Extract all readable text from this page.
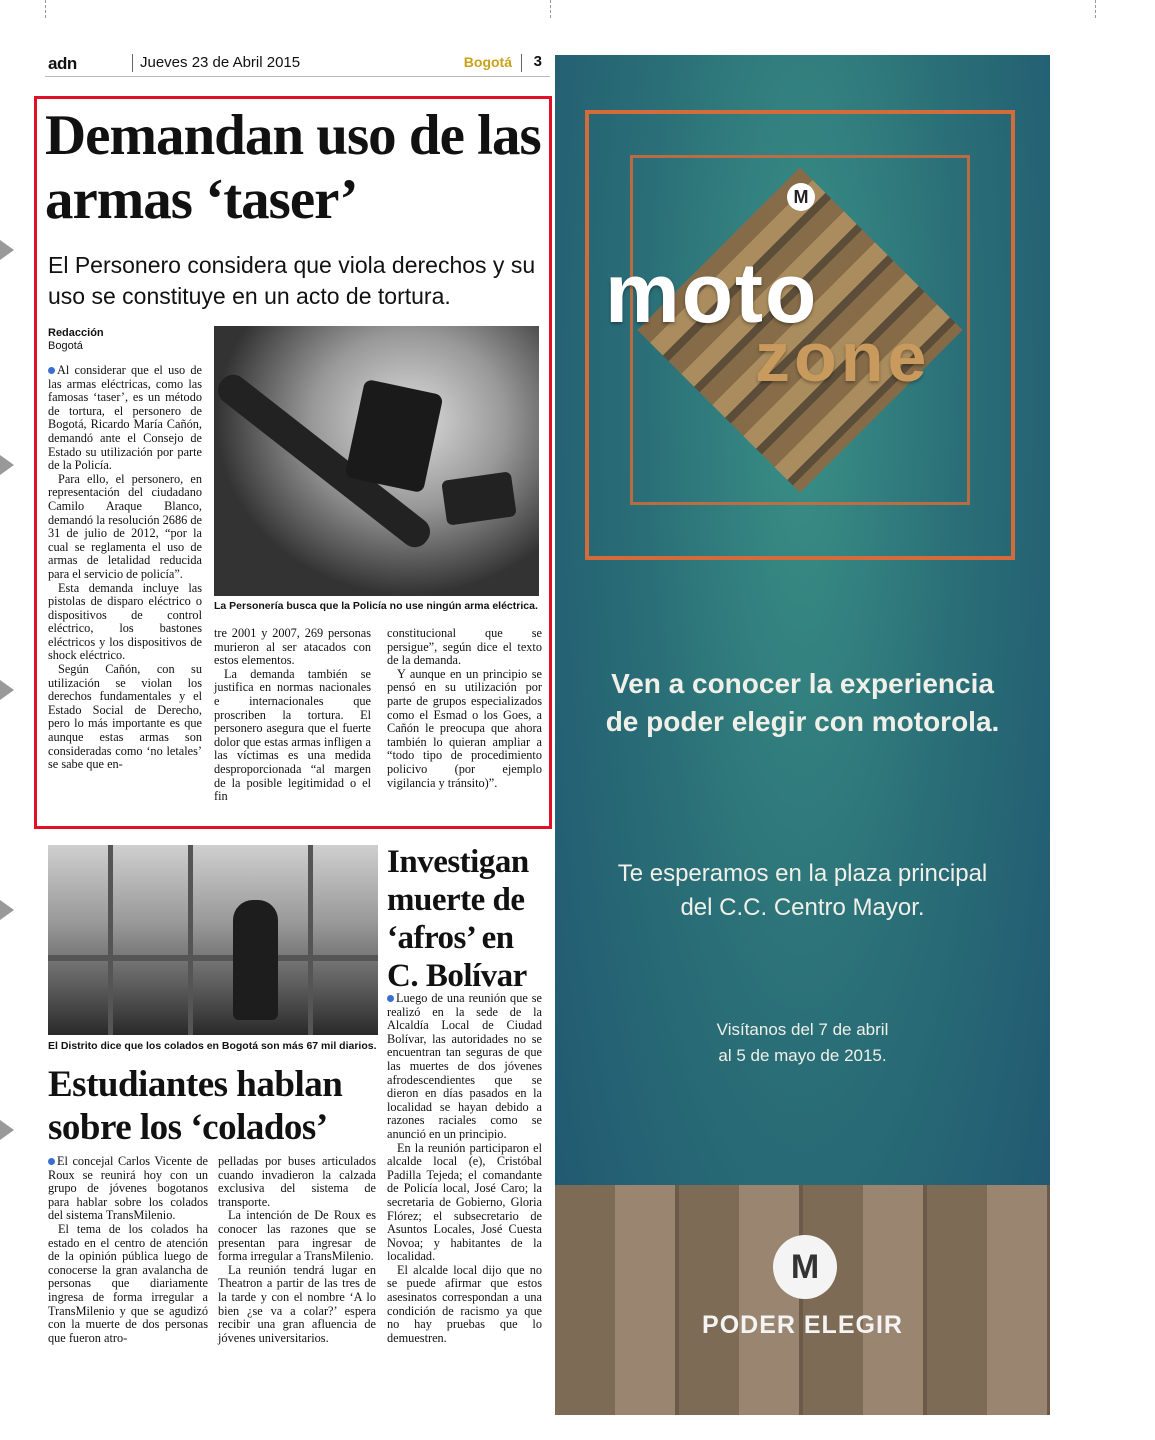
adn	Jueves 23 de Abril 2015	Bogotá 3
Demandan uso de las armas ‘taser’
El Personero considera que viola derechos y su uso se constituye en un acto de tortura.
Redacción
Bogotá

Al considerar que el uso de las armas eléctricas, como las famosas ‘taser’, es un método de tortura, el personero de Bogotá, Ricardo María Cañón, demandó ante el Consejo de Estado su utilización por parte de la Policía.

Para ello, el personero, en representación del ciudadano Camilo Araque Blanco, demandó la resolución 2686 de 31 de julio de 2012, “por la cual se reglamenta el uso de armas de letalidad reducida para el servicio de policía”.

Esta demanda incluye las pistolas de disparo eléctrico o dispositivos de control eléctrico, los bastones eléctricos y los dispositivos de shock eléctrico.

Según Cañón, con su utilización se violan los derechos fundamentales y el Estado Social de Derecho, pero lo más importante es que aunque estas armas son consideradas como ‘no letales’ se sabe que en-

La Personería busca que la Policía no use ningún arma eléctrica.

tre 2001 y 2007, 269 personas murieron al ser atacados con estos elementos.

La demanda también se justifica en normas nacionales e internacionales que proscriben la tortura. El personero asegura que el fuerte dolor que estas armas infligen a las víctimas es una medida desproporcionada “al margen de la posible legitimidad o el fin

constitucional que se persigue”, según dice el texto de la demanda.

Y aunque en un principio se pensó en su utilización por parte de grupos especializados como el Esmad o los Goes, a Cañón le preocupa que ahora también lo quieran ampliar a “todo tipo de procedimiento policivo (por ejemplo vigilancia y tránsito)”.

El Distrito dice que los colados en Bogotá son más 67 mil diarios.
Investigan muerte de ‘afros’ en C. Bolívar

Luego de una reunión que se realizó en la sede de la Alcaldía Local de Ciudad Bolívar, las autoridades no se encuentran tan seguras de que las muertes de dos jóvenes afrodescendientes que se dieron en días pasados en la localidad se hayan debido a razones raciales como se anunció en un principio.

En la reunión participaron el alcalde local (e), Cristóbal Padilla Tejeda; el comandante de Policía local, José Caro; la secretaria de Gobierno, Gloria Flórez; el subsecretario de Asuntos Locales, José Cuesta Novoa; y habitantes de la localidad.

El alcalde local dijo que no se puede afirmar que estos asesinatos correspondan a una condición de racismo ya que no hay pruebas que lo demuestren.

Estudiantes hablan sobre los ‘colados’

El concejal Carlos Vicente de Roux se reunirá hoy con un grupo de jóvenes bogotanos para hablar sobre los colados del sistema TransMilenio.

El tema de los colados ha estado en el centro de atención de la opinión pública luego de conocerse la gran avalancha de personas que diariamente ingresa de forma irregular a TransMilenio y que se agudizó con la muerte de dos personas que fueron atro-

pelladas por buses articulados cuando invadieron la calzada exclusiva del sistema de transporte.

La intención de De Roux es conocer las razones que se presentan para ingresar de forma irregular a TransMilenio.

La reunión tendrá lugar en Theatron a partir de las tres de la tarde y con el nombre ‘A lo bien ¿se va a colar?’ espera recibir una gran afluencia de jóvenes universitarios.

M
moto
zone
Ven a conocer la experiencia
de poder elegir con motorola.
Te esperamos en la plaza principal
del C.C. Centro Mayor.
Visítanos del 7 de abril
al 5 de mayo de 2015.
M
PODER ELEGIR
